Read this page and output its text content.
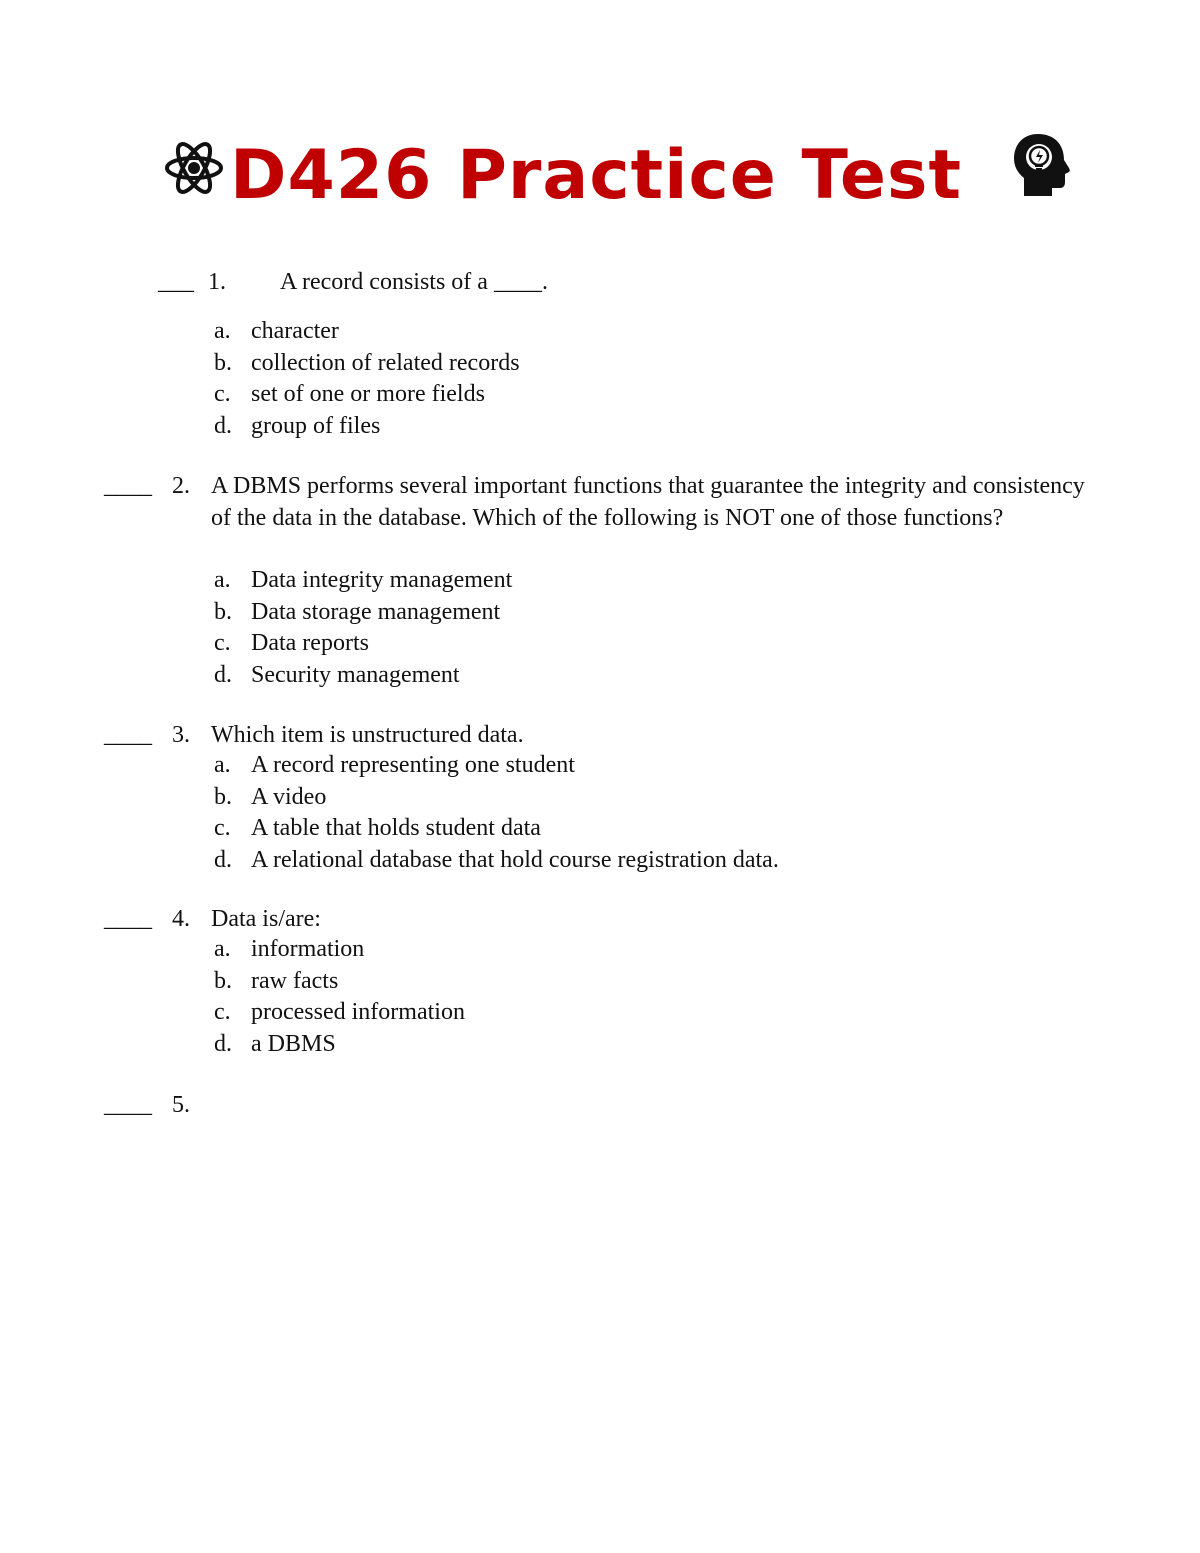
D426 Practice Test
___ 1. A record consists of a ____.
a. character
b. collection of related records
c. set of one or more fields
d. group of files
____ 2. A DBMS performs several important functions that guarantee the integrity and consistency of the data in the database. Which of the following is NOT one of those functions?
a. Data integrity management
b. Data storage management
c. Data reports
d. Security management
____ 3. Which item is unstructured data.
a. A record representing one student
b. A video
c. A table that holds student data
d. A relational database that hold course registration data.
____ 4. Data is/are:
a. information
b. raw facts
c. processed information
d. a DBMS
____ 5.
